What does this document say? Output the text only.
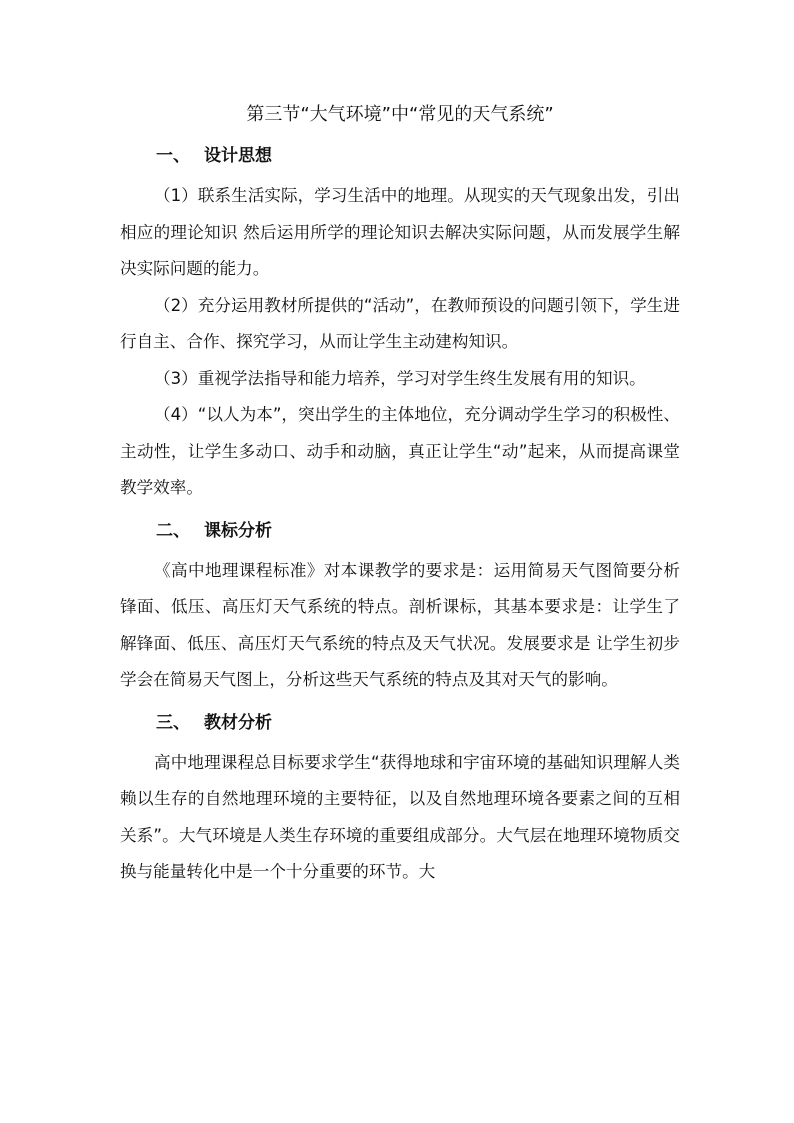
第三节“大气环境”中“常见的天气系统”
一、 设计思想

（1）联系生活实际，学习生活中的地理。从现实的天气现象出发，引出相应的理论知识 然后运用所学的理论知识去解决实际问题，从而发展学生解决实际问题的能力。

（2）充分运用教材所提供的“活动”，在教师预设的问题引领下，学生进行自主、合作、探究学习，从而让学生主动建构知识。

（3）重视学法指导和能力培养，学习对学生终生发展有用的知识。

（4）“以人为本”，突出学生的主体地位，充分调动学生学习的积极性、主动性，让学生多动口、动手和动脑，真正让学生“动”起来，从而提高课堂教学效率。

二、 课标分析

《高中地理课程标准》对本课教学的要求是：运用简易天气图简要分析锋面、低压、高压灯天气系统的特点。剖析课标，其基本要求是：让学生了解锋面、低压、高压灯天气系统的特点及天气状况。发展要求是 让学生初步学会在简易天气图上，分析这些天气系统的特点及其对天气的影响。

三、 教材分析

高中地理课程总目标要求学生“获得地球和宇宙环境的基础知识理解人类赖以生存的自然地理环境的主要特征，以及自然地理环境各要素之间的互相关系”。大气环境是人类生存环境的重要组成部分。大气层在地理环境物质交换与能量转化中是一个十分重要的环节。大
